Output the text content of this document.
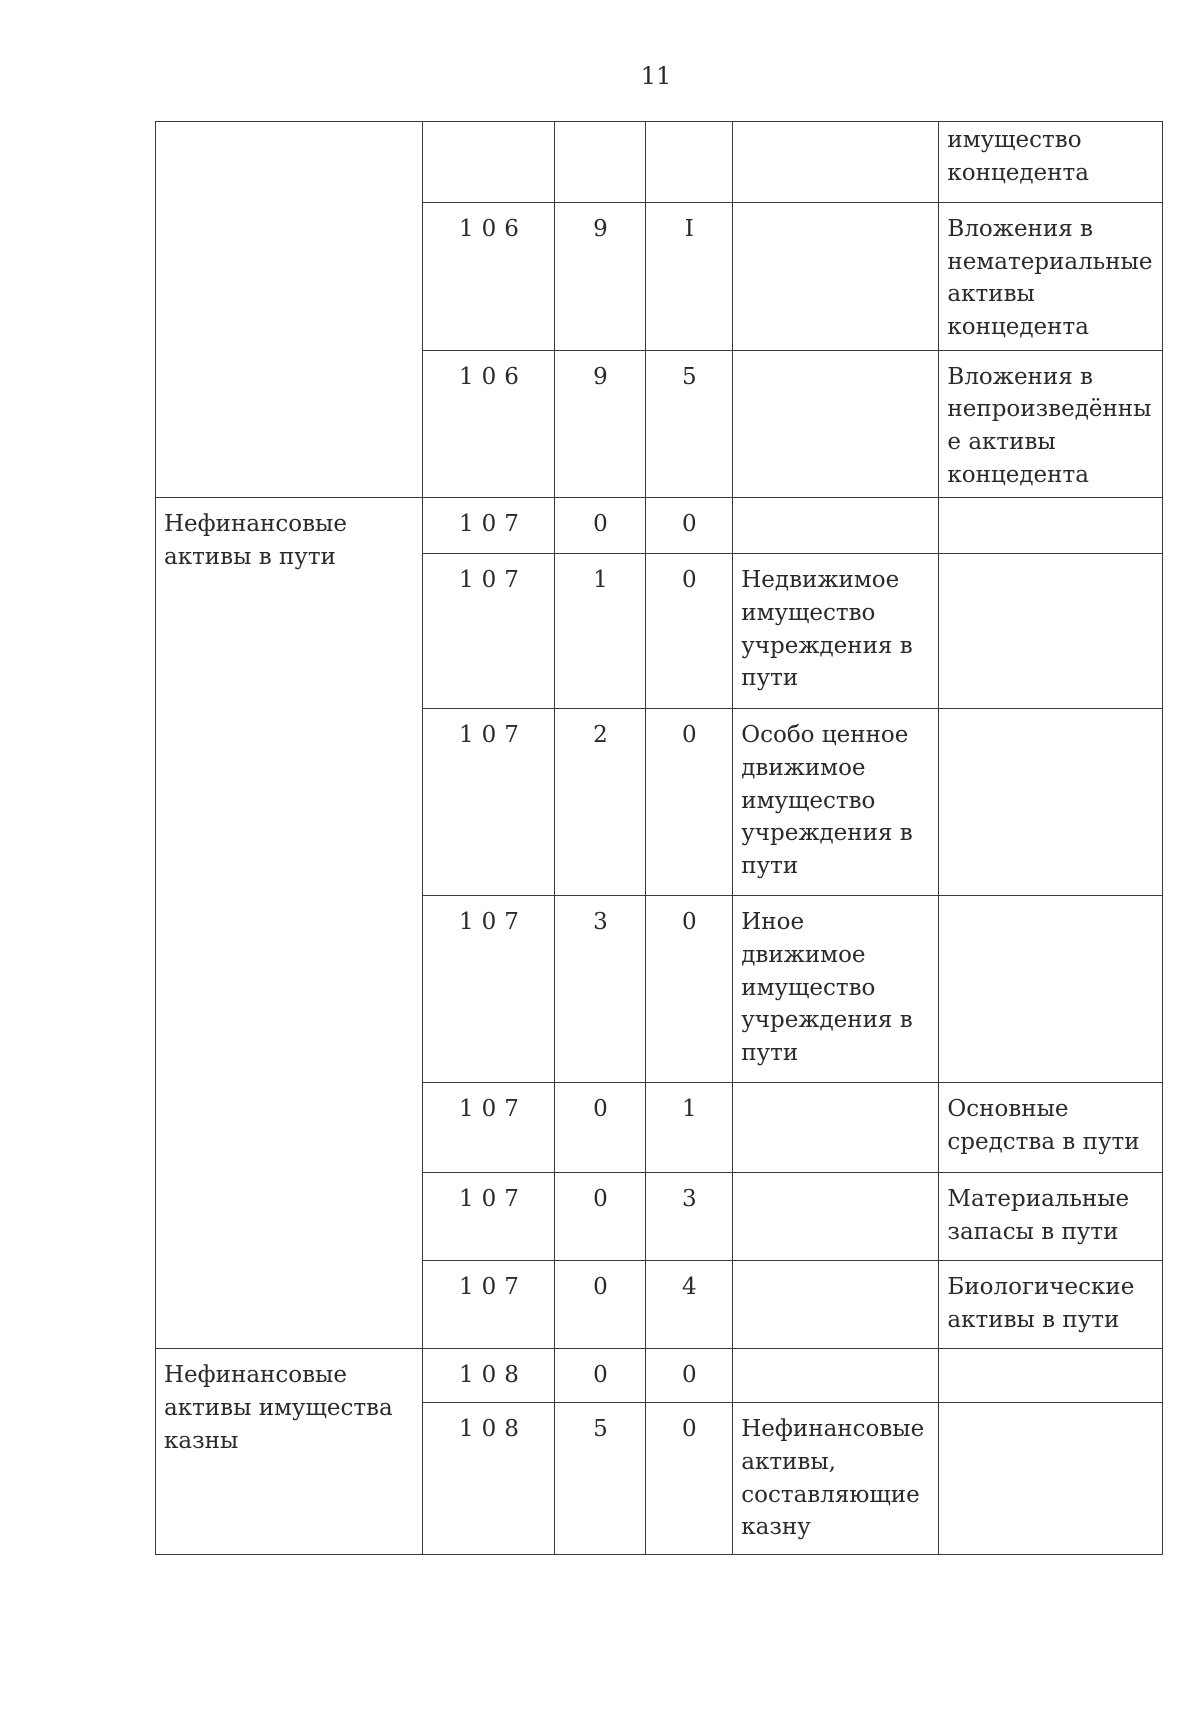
11
					имущество концедента
	106	9	I		Вложения в нематериальные активы концедента
	106	9	5		Вложения в непроизведённые активы концедента
Нефинансовые активы в пути	107	0	0		
	107	1	0	Недвижимое имущество учреждения в пути	
	107	2	0	Особо ценное движимое имущество учреждения в пути	
	107	3	0	Иное движимое имущество учреждения в пути	
	107	0	1		Основные средства в пути
	107	0	3		Материальные запасы в пути
	107	0	4		Биологические активы в пути
Нефинансовые активы имущества казны	108	0	0		
	108	5	0	Нефинансовые активы, составляющие казну	
